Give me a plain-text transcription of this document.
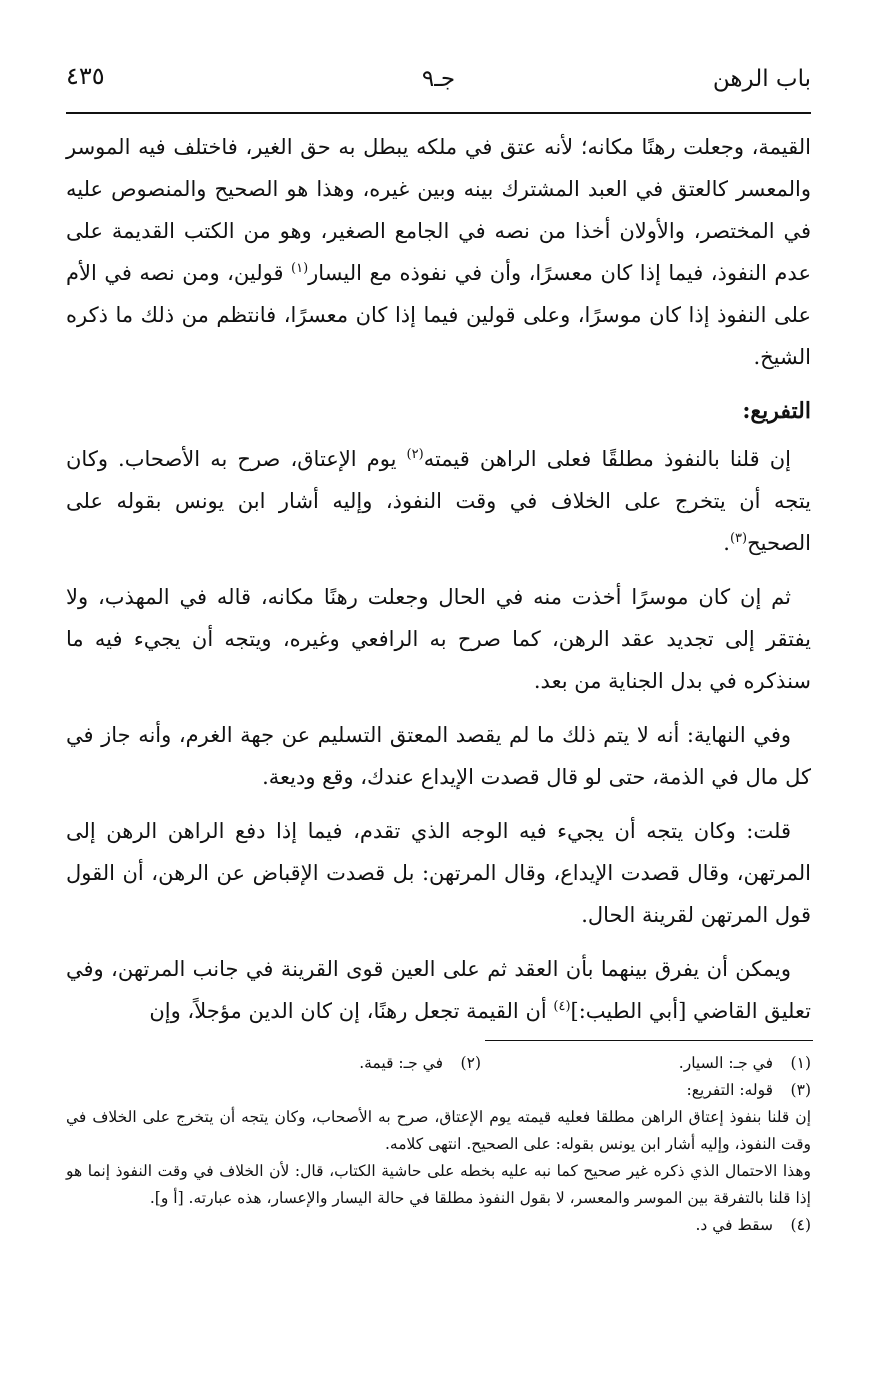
باب الرهن
جـ٩
٤٣٥

القيمة، وجعلت رهنًا مكانه؛ لأنه عتق في ملكه يبطل به حق الغير، فاختلف فيه الموسر والمعسر كالعتق في العبد المشترك بينه وبين غيره، وهذا هو الصحيح والمنصوص عليه في المختصر، والأولان أخذا من نصه في الجامع الصغير، وهو من الكتب القديمة على عدم النفوذ، فيما إذا كان معسرًا، وأن في نفوذه مع اليسار$^{(١)}$ قولين، ومن نصه في الأم على النفوذ إذا كان موسرًا، وعلى قولين فيما إذا كان معسرًا، فانتظم من ذلك ما ذكره الشيخ.

التفريع:

إن قلنا بالنفوذ مطلقًا فعلى الراهن قيمته$^{(٢)}$ يوم الإعتاق، صرح به الأصحاب. وكان يتجه أن يتخرج على الخلاف في وقت النفوذ، وإليه أشار ابن يونس بقوله على الصحيح$^{(٣)}$.

ثم إن كان موسرًا أخذت منه في الحال وجعلت رهنًا مكانه، قاله في المهذب، ولا يفتقر إلى تجديد عقد الرهن، كما صرح به الرافعي وغيره، ويتجه أن يجيء فيه ما سنذكره في بدل الجناية من بعد.

وفي النهاية: أنه لا يتم ذلك ما لم يقصد المعتق التسليم عن جهة الغرم، وأنه جاز في كل مال في الذمة، حتى لو قال قصدت الإيداع عندك، وقع وديعة.

قلت: وكان يتجه أن يجيء فيه الوجه الذي تقدم، فيما إذا دفع الراهن الرهن إلى المرتهن، وقال قصدت الإيداع، وقال المرتهن: بل قصدت الإقباض عن الرهن، أن القول قول المرتهن لقرينة الحال.

ويمكن أن يفرق بينهما بأن العقد ثم على العين قوى القرينة في جانب المرتهن، وفي تعليق القاضي [أبي الطيب:]$^{(٤)}$ أن القيمة تجعل رهنًا، إن كان الدين مؤجلاً، وإن

(١)
في جـ: السيار.
(٢)
في جـ: قيمة.
(٣)
قوله: التفريع:

إن قلنا بنفوذ إعتاق الراهن مطلقا فعليه قيمته يوم الإعتاق، صرح به الأصحاب، وكان يتجه أن يتخرج على الخلاف في وقت النفوذ، وإليه أشار ابن يونس بقوله: على الصحيح. انتهى كلامه.

وهذا الاحتمال الذي ذكره غير صحيح كما نبه عليه بخطه على حاشية الكتاب، قال: لأن الخلاف في وقت النفوذ إنما هو إذا قلنا بالتفرقة بين الموسر والمعسر، لا بقول النفوذ مطلقا في حالة اليسار والإعسار، هذه عبارته. [أ و].

(٤)
سقط في د.
